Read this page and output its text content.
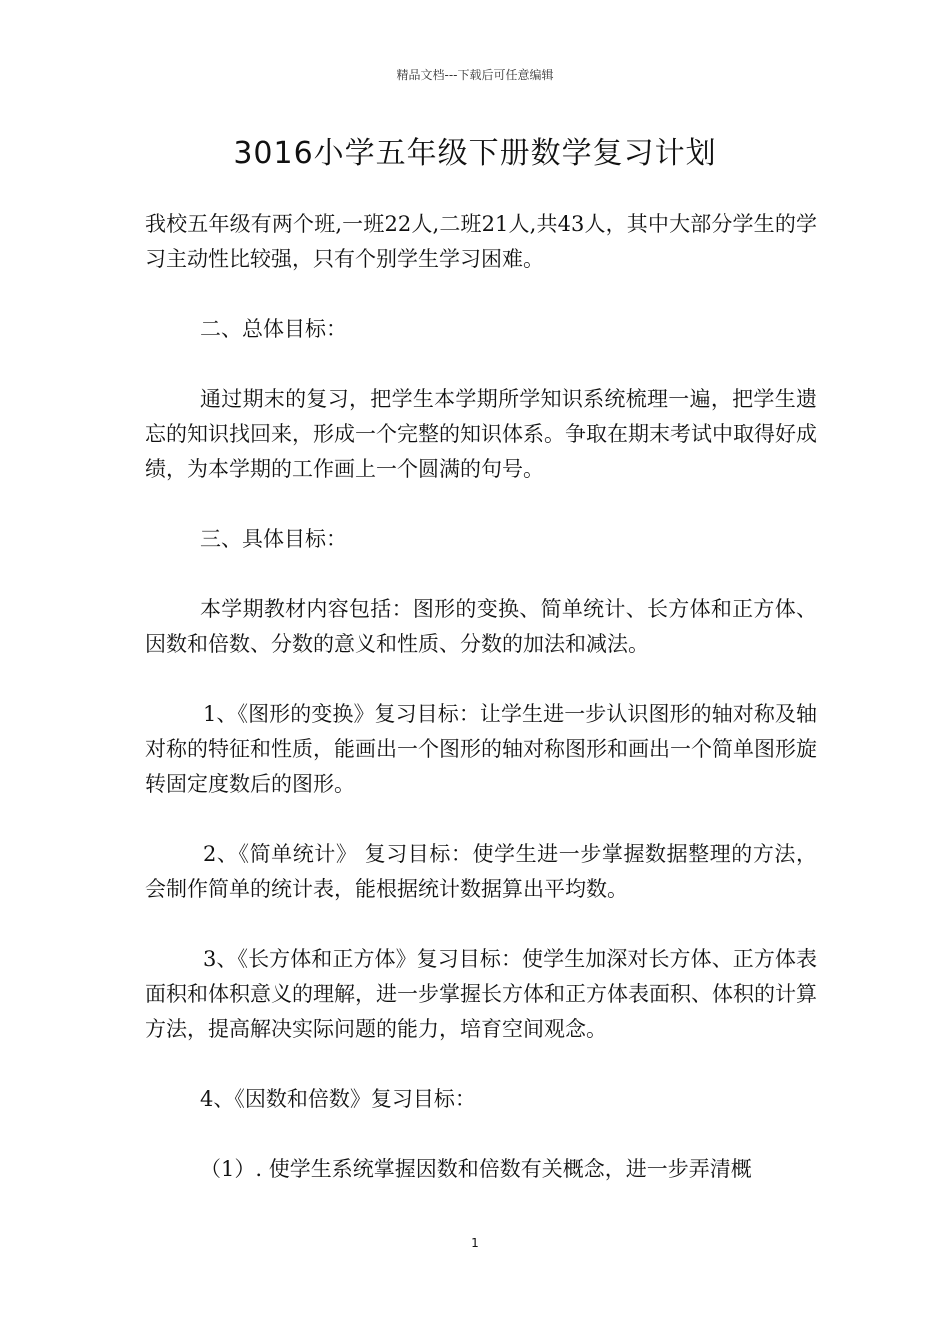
精品文档---下载后可任意编辑
3016小学五年级下册数学复习计划

我校五年级有两个班,一班22人,二班21人,共43人，其中大部分学生的学习主动性比较强，只有个别学生学习困难。

二、总体目标：

通过期末的复习，把学生本学期所学知识系统梳理一遍，把学生遗忘的知识找回来，形成一个完整的知识体系。争取在期末考试中取得好成绩，为本学期的工作画上一个圆满的句号。

三、具体目标：

本学期教材内容包括：图形的变换、简单统计、长方体和正方体、因数和倍数、分数的意义和性质、分数的加法和减法。

1、《图形的变换》复习目标：让学生进一步认识图形的轴对称及轴对称的特征和性质，能画出一个图形的轴对称图形和画出一个简单图形旋转固定度数后的图形。

2、《简单统计》 复习目标：使学生进一步掌握数据整理的方法，会制作简单的统计表，能根据统计数据算出平均数。

3、《长方体和正方体》复习目标：使学生加深对长方体、正方体表面积和体积意义的理解，进一步掌握长方体和正方体表面积、体积的计算方法，提高解决实际问题的能力，培育空间观念。

4、《因数和倍数》复习目标：

（1）. 使学生系统掌握因数和倍数有关概念，进一步弄清概

1
